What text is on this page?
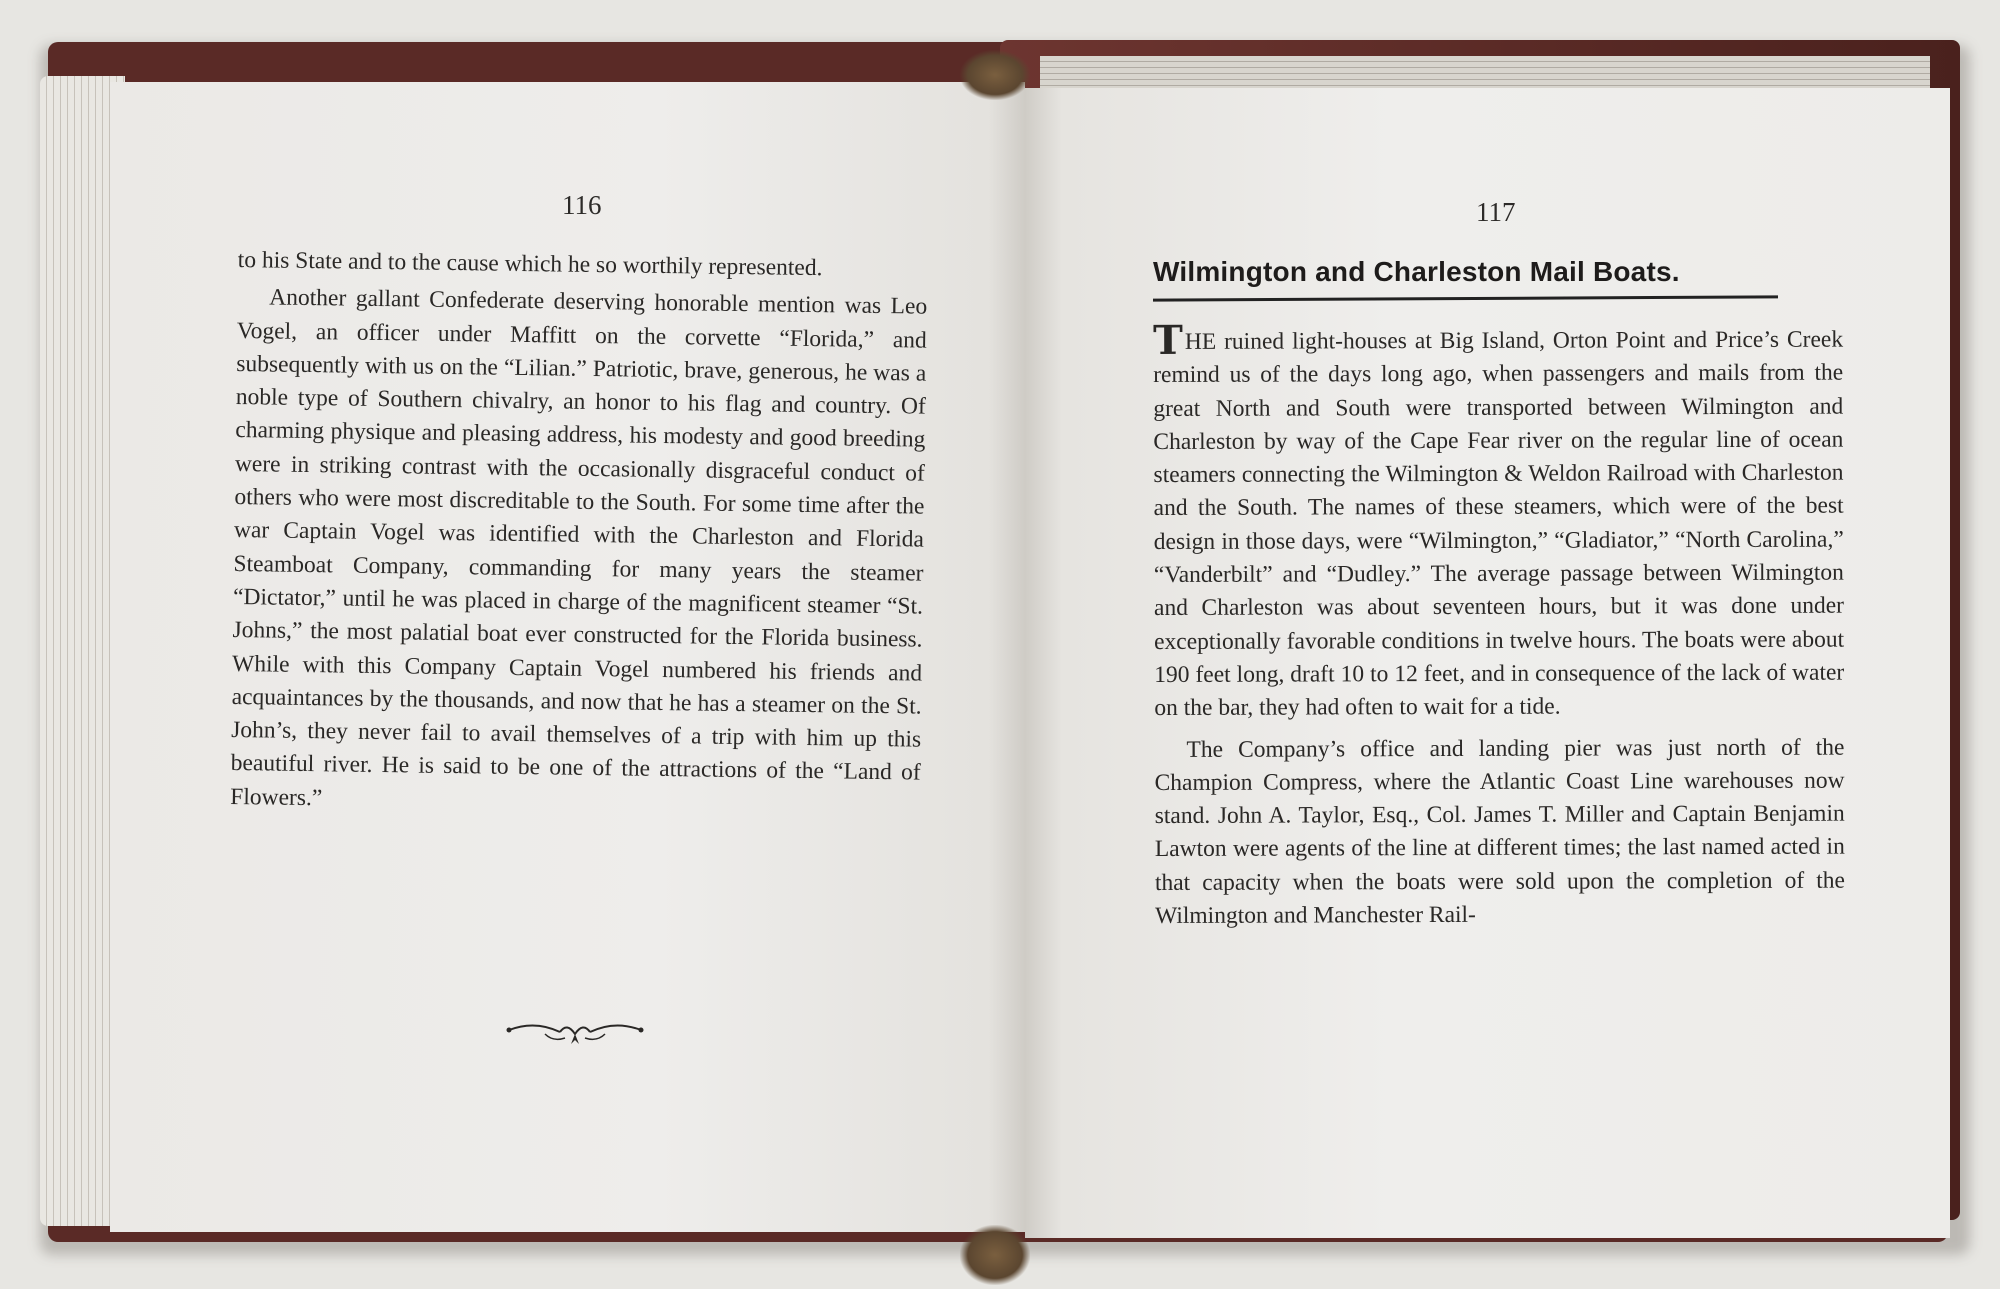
116

to his State and to the cause which he so worthily represented.

Another gallant Confederate deserving honorable mention was Leo Vogel, an officer under Maffitt on the corvette “Florida,” and subsequently with us on the “Lilian.” Patriotic, brave, generous, he was a noble type of Southern chivalry, an honor to his flag and country. Of charming physique and pleasing address, his modesty and good breeding were in striking contrast with the occasionally disgraceful conduct of others who were most discreditable to the South. For some time after the war Captain Vogel was identified with the Charleston and Florida Steamboat Company, commanding for many years the steamer “Dictator,” until he was placed in charge of the magnificent steamer “St. Johns,” the most palatial boat ever constructed for the Florida business. While with this Company Captain Vogel numbered his friends and acquaintances by the thousands, and now that he has a steamer on the St. John’s, they never fail to avail themselves of a trip with him up this beautiful river. He is said to be one of the attractions of the “Land of Flowers.”

117
Wilmington and Charleston Mail Boats.

THE ruined light-houses at Big Island, Orton Point and Price’s Creek remind us of the days long ago, when passengers and mails from the great North and South were transported between Wilmington and Charleston by way of the Cape Fear river on the regular line of ocean steamers connecting the Wilmington & Weldon Railroad with Charleston and the South. The names of these steamers, which were of the best design in those days, were “Wilmington,” “Gladiator,” “North Carolina,” “Vanderbilt” and “Dudley.” The average passage between Wilmington and Charleston was about seventeen hours, but it was done under exceptionally favorable conditions in twelve hours. The boats were about 190 feet long, draft 10 to 12 feet, and in consequence of the lack of water on the bar, they had often to wait for a tide.

The Company’s office and landing pier was just north of the Champion Compress, where the Atlantic Coast Line warehouses now stand. John A. Taylor, Esq., Col. James T. Miller and Captain Benjamin Lawton were agents of the line at different times; the last named acted in that capacity when the boats were sold upon the completion of the Wilmington and Manchester Rail-
